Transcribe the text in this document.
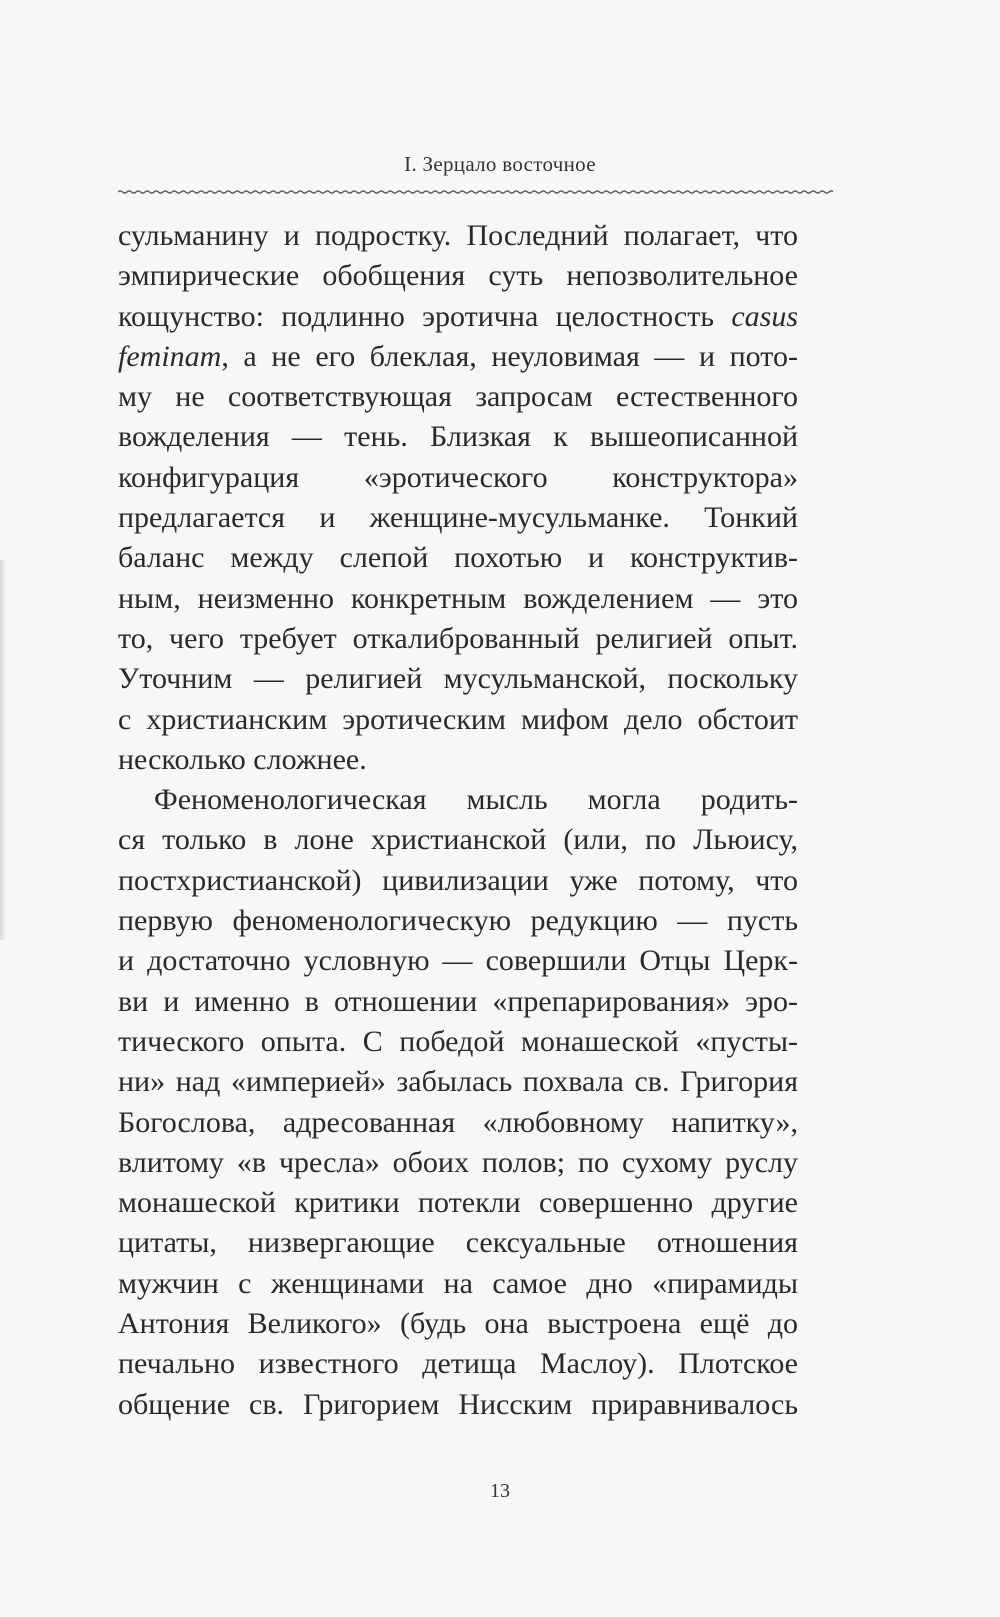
I. Зерцало восточное
сульманину и подростку. Последний полагает, что
эмпирические обобщения суть непозволительное
кощунство: подлинно эротична целостность casus
feminam, а не его блеклая, неуловимая — и пото-
му не соответствующая запросам естественного
вожделения — тень. Близкая к вышеописанной
конфигурация «эротического конструктора»
предлагается и женщине-мусульманке. Тонкий
баланс между слепой похотью и конструктив-
ным, неизменно конкретным вожделением — это
то, чего требует откалиброванный религией опыт.
Уточним — религией мусульманской, поскольку
с христианским эротическим мифом дело обстоит
несколько сложнее.
Феноменологическая мысль могла родить-
ся только в лоне христианской (или, по Льюису,
постхристианской) цивилизации уже потому, что
первую феноменологическую редукцию — пусть
и достаточно условную — совершили Отцы Церк-
ви и именно в отношении «препарирования» эро-
тического опыта. С победой монашеской «пусты-
ни» над «империей» забылась похвала св. Григория
Богослова, адресованная «любовному напитку»,
влитому «в чресла» обоих полов; по сухому руслу
монашеской критики потекли совершенно другие
цитаты, низвергающие сексуальные отношения
мужчин с женщинами на самое дно «пирамиды
Антония Великого» (будь она выстроена ещё до
печально известного детища Маслоу). Плотское
общение св. Григорием Нисским приравнивалось
13
